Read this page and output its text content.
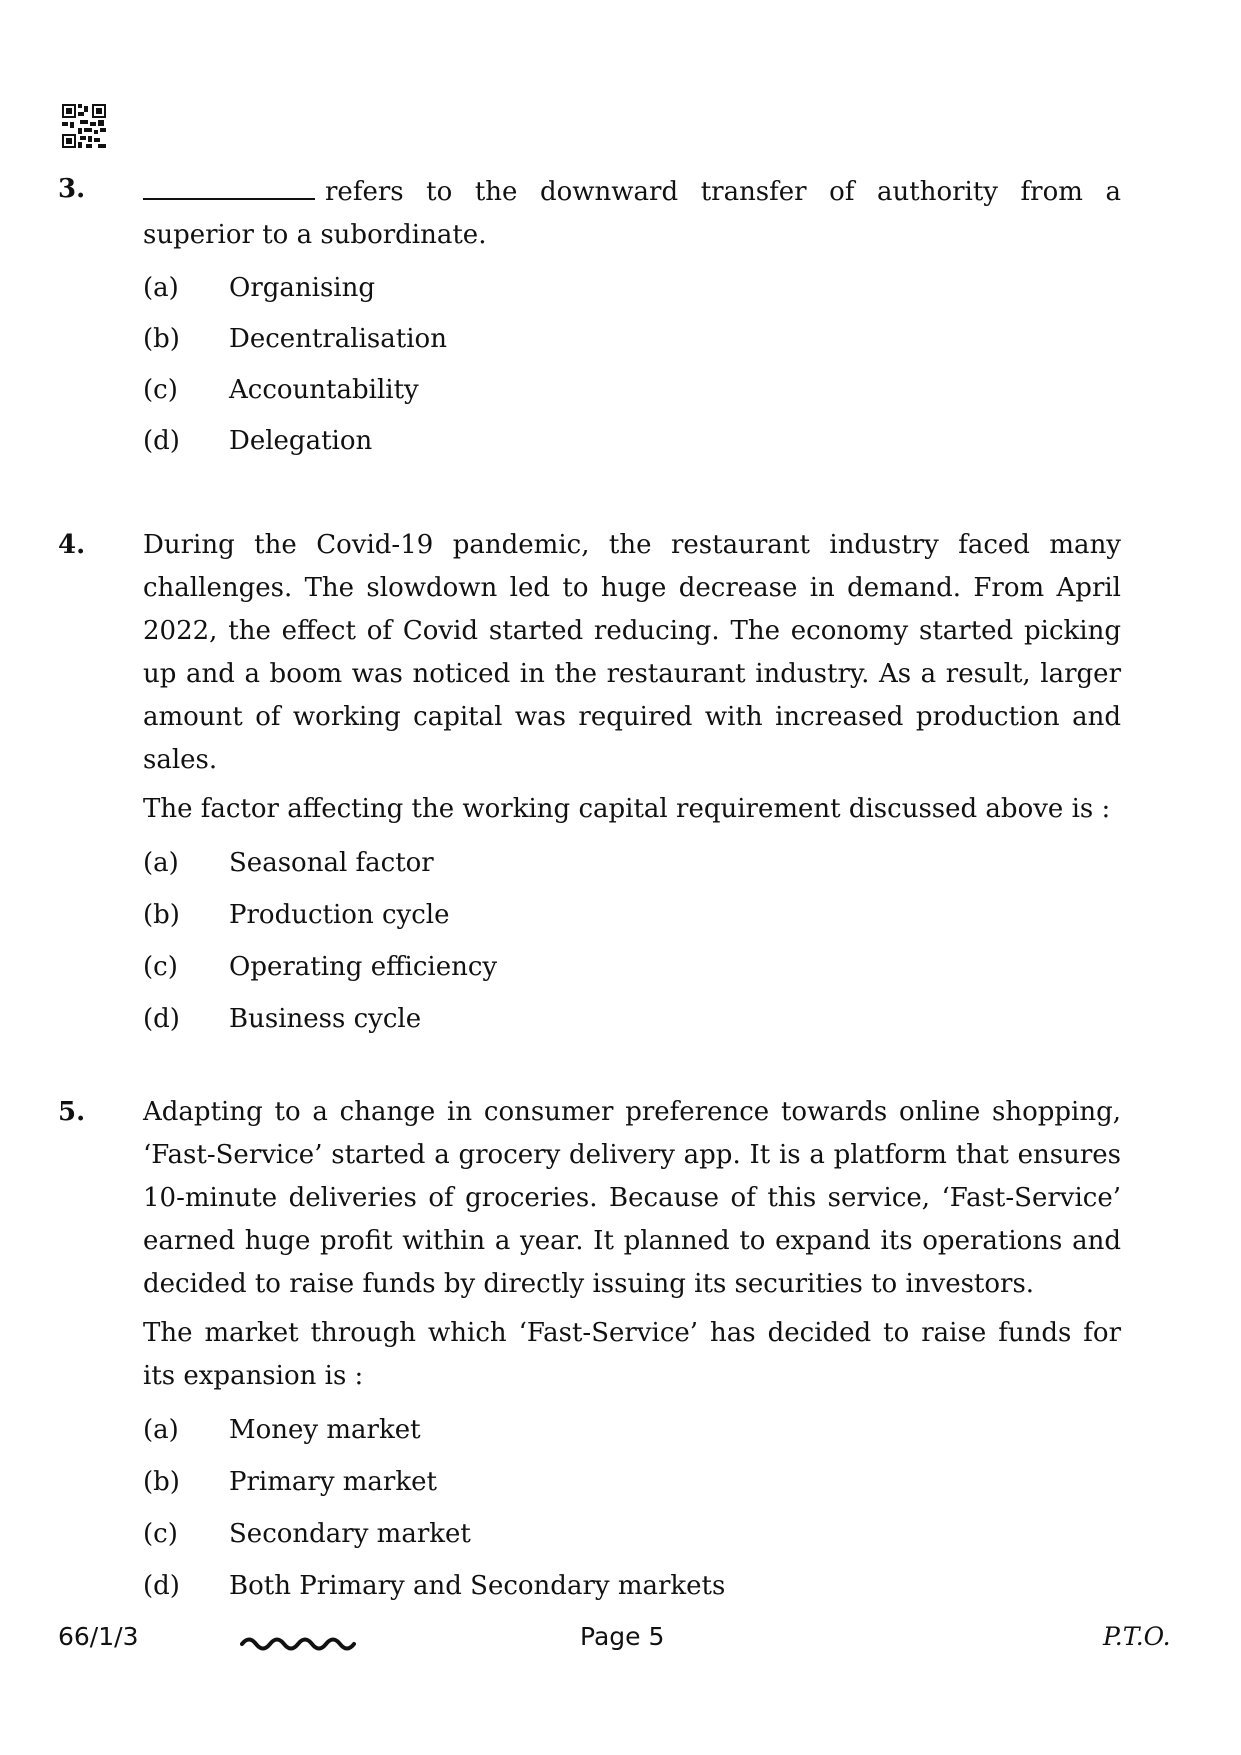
3.	refers to the downward transfer of authority from a superior to a subordinate.

(a)	Organising
(b)	Decentralisation
(c)	Accountability
(d)	Delegation
4. During the Covid-19 pandemic, the restaurant industry faced many challenges. The slowdown led to huge decrease in demand. From April 2022, the effect of Covid started reducing. The economy started picking up and a boom was noticed in the restaurant industry. As a result, larger amount of working capital was required with increased production and sales.

The factor affecting the working capital requirement discussed above is :

(a)	Seasonal factor
(b)	Production cycle
(c)	Operating efficiency
(d)	Business cycle
5. Adapting to a change in consumer preference towards online shopping, ‘Fast-Service’ started a grocery delivery app. It is a platform that ensures 10-minute deliveries of groceries. Because of this service, ‘Fast-Service’ earned huge profit within a year. It planned to expand its operations and decided to raise funds by directly issuing its securities to investors.

The market through which ‘Fast-Service’ has decided to raise funds for its expansion is :

(a)	Money market
(b)	Primary market
(c)	Secondary market
(d)	Both Primary and Secondary markets
66/1/3	Page 5	P.T.O.
